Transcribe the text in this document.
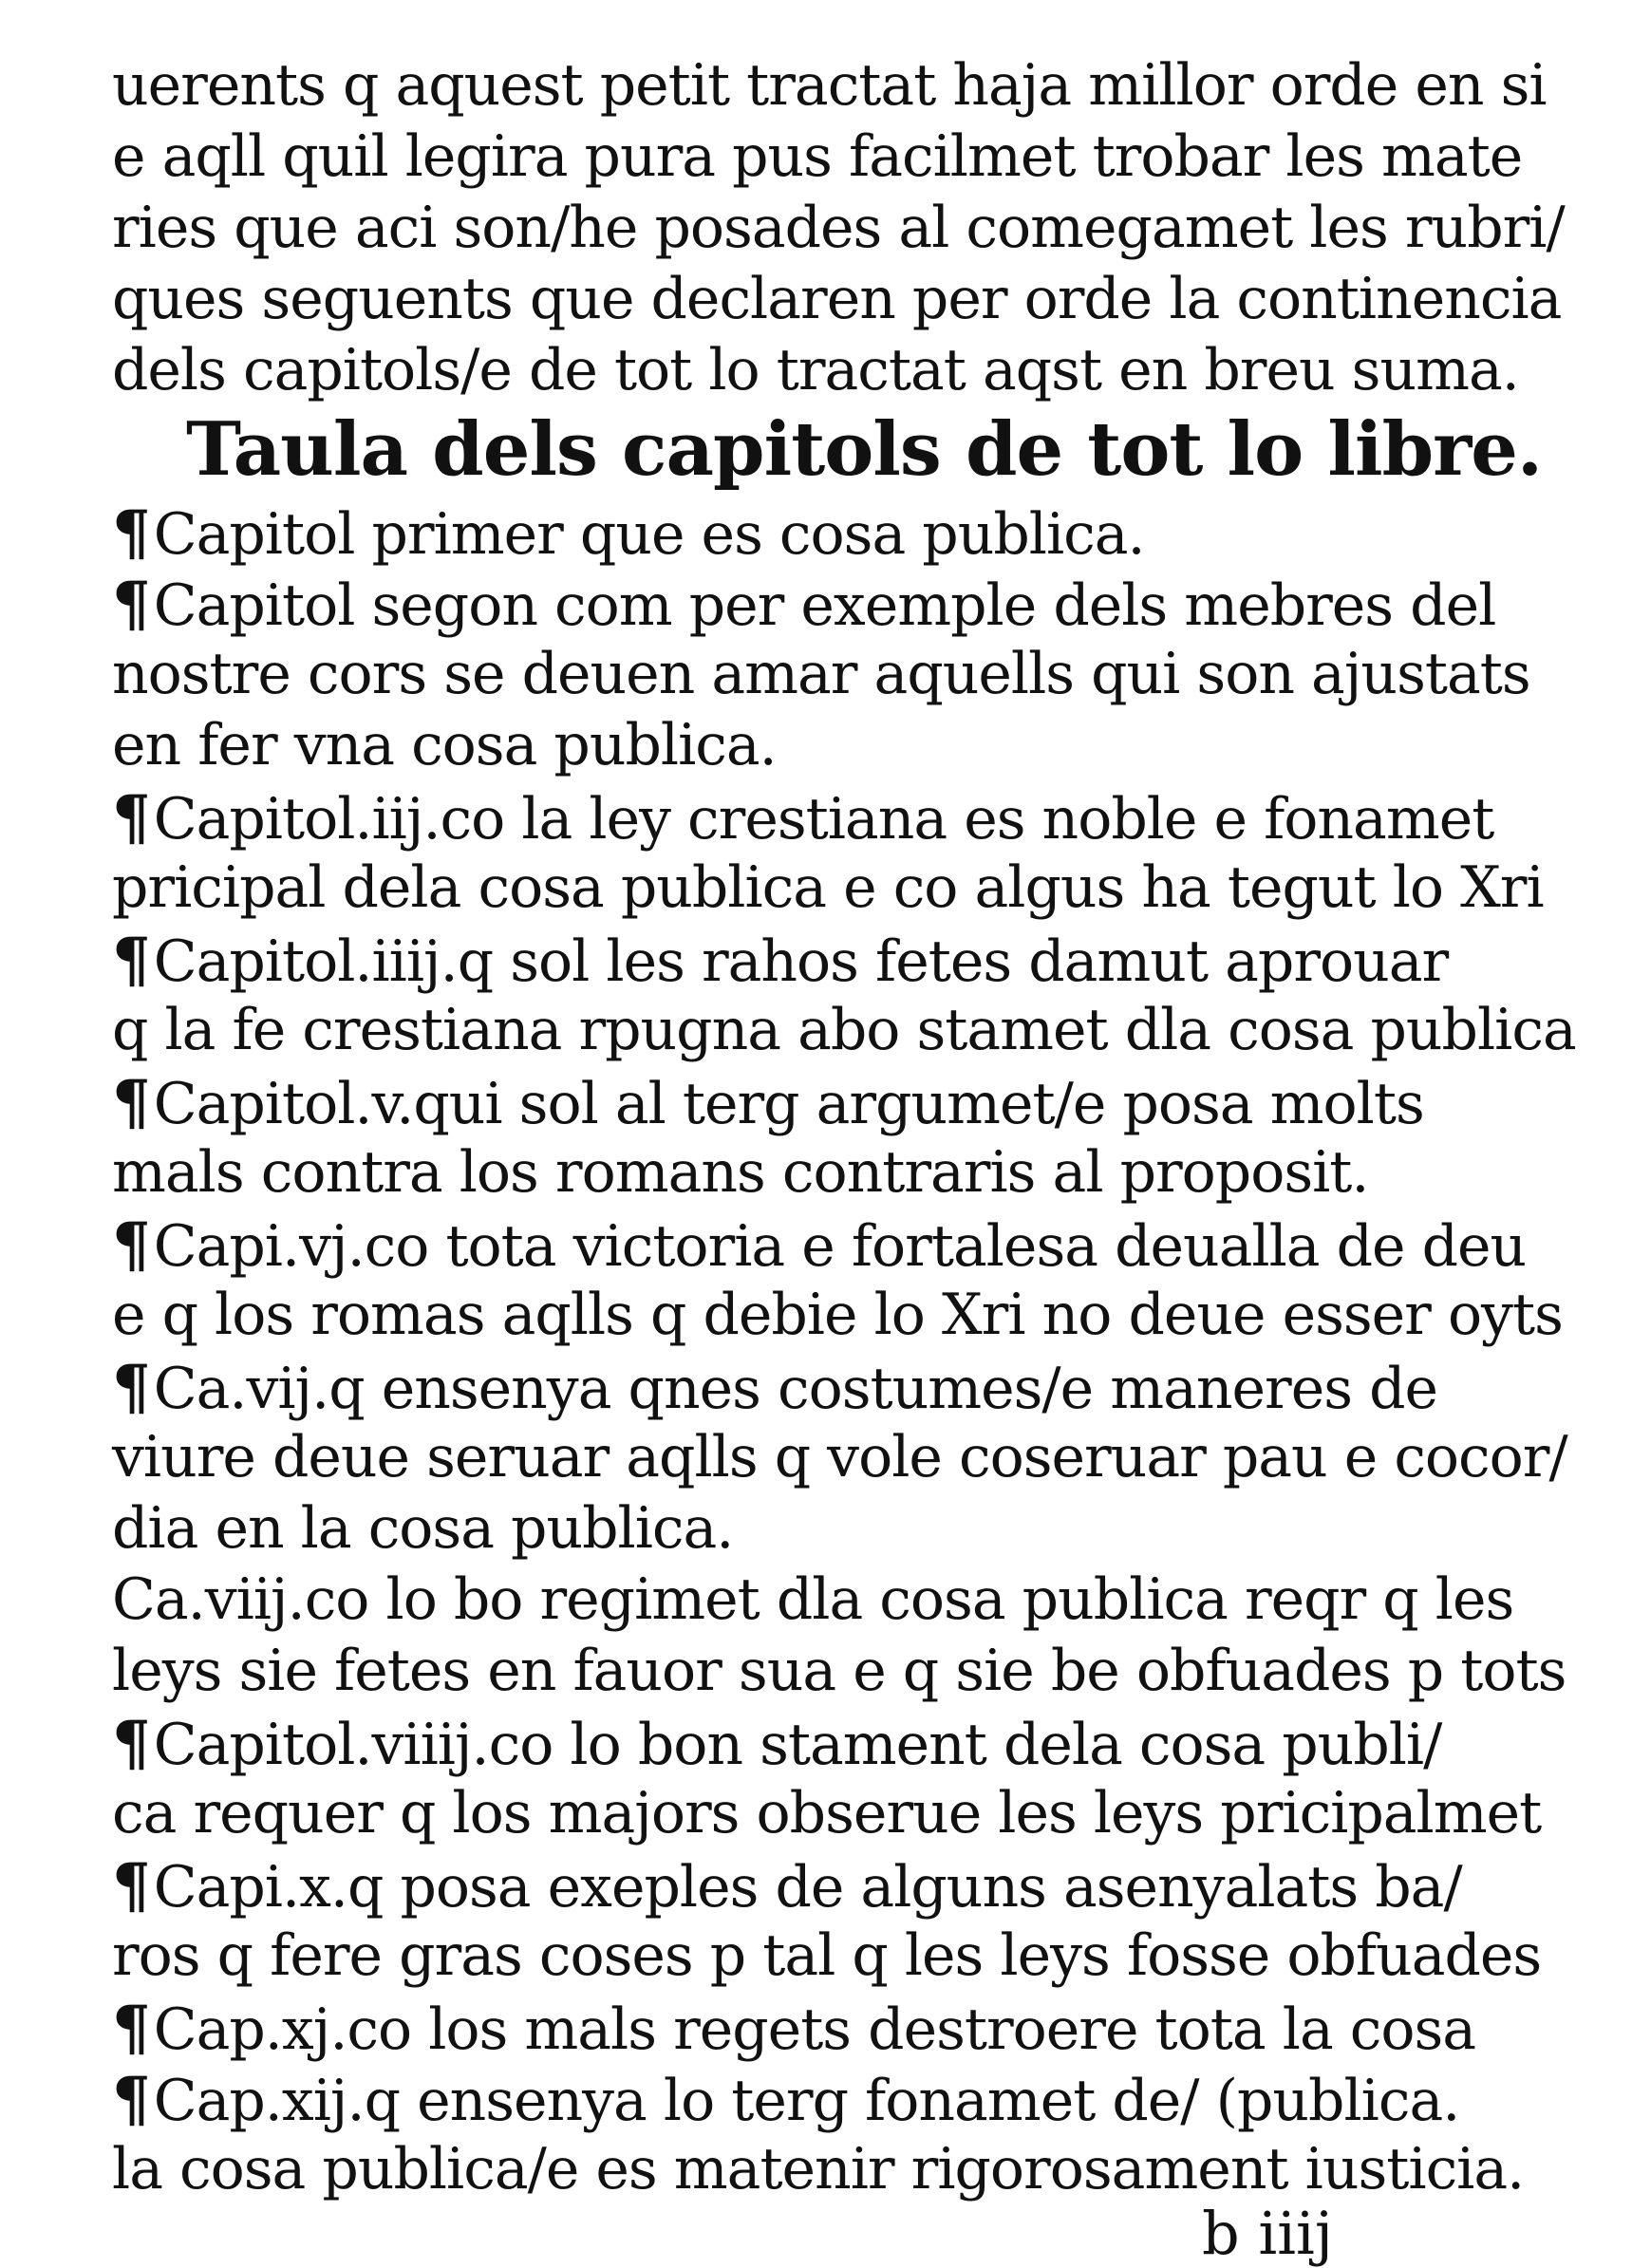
uerents q aquest petit tractat haja millor orde en si
e aqll quil legira pura pus facilmet trobar les mate
ries que aci son/he posades al comegamet les rubri/
ques seguents que declaren per orde la continencia
dels capitols/e de tot lo tractat aqst en breu suma.
Taula dels capitols de tot lo libre.
¶Capitol primer que es cosa publica.
¶Capitol segon com per exemple dels mebres del
nostre cors se deuen amar aquells qui son ajustats
en fer vna cosa publica.
¶Capitol.iij.co la ley crestiana es noble e fonamet
pricipal dela cosa publica e co algus ha tegut lo Xri
¶Capitol.iiij.q sol les rahos fetes damut aprouar
q la fe crestiana rpugna abo stamet dla cosa publica
¶Capitol.v.qui sol al terg argumet/e posa molts
mals contra los romans contraris al proposit.
¶Capi.vj.co tota victoria e fortalesa deualla de deu
e q los romas aqlls q debie lo Xri no deue esser oyts
¶Ca.vij.q ensenya qnes costumes/e maneres de
viure deue seruar aqlls q vole coseruar pau e cocor/
dia en la cosa publica.
Ca.viij.co lo bo regimet dla cosa publica reqr q les
leys sie fetes en fauor sua e q sie be obfuades p tots
¶Capitol.viiij.co lo bon stament dela cosa publi/
ca requer q los majors obserue les leys pricipalmet
¶Capi.x.q posa exeples de alguns asenyalats ba/
ros q fere gras coses p tal q les leys fosse obfuades
¶Cap.xj.co los mals regets destroere tota la cosa
¶Cap.xij.q ensenya lo terg fonamet de/ (publica.
la cosa publica/e es matenir rigorosament iusticia.
b iiij
